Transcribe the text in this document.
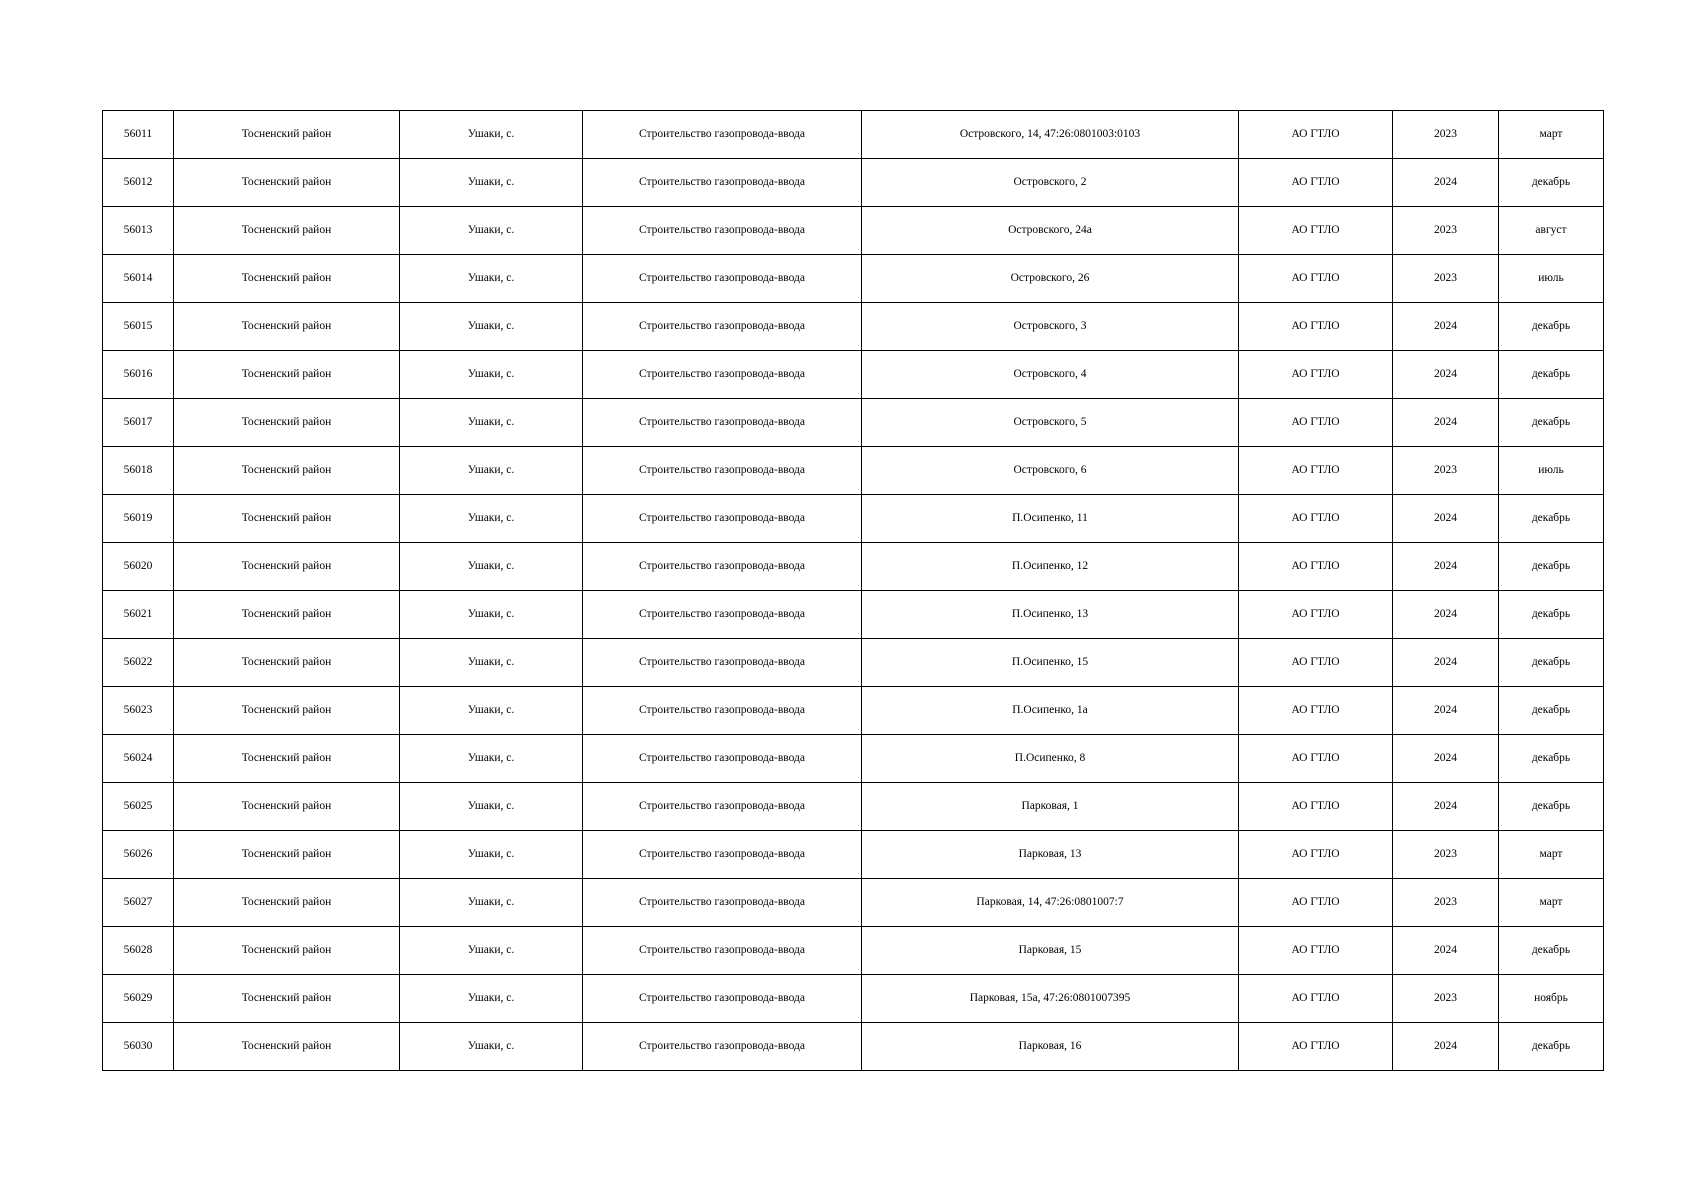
56011	Тосненский район	Ушаки, с.	Строительство газопровода-ввода	Островского, 14, 47:26:0801003:0103	АО ГТЛО	2023	март
56012	Тосненский район	Ушаки, с.	Строительство газопровода-ввода	Островского, 2	АО ГТЛО	2024	декабрь
56013	Тосненский район	Ушаки, с.	Строительство газопровода-ввода	Островского, 24а	АО ГТЛО	2023	август
56014	Тосненский район	Ушаки, с.	Строительство газопровода-ввода	Островского, 26	АО ГТЛО	2023	июль
56015	Тосненский район	Ушаки, с.	Строительство газопровода-ввода	Островского, 3	АО ГТЛО	2024	декабрь
56016	Тосненский район	Ушаки, с.	Строительство газопровода-ввода	Островского, 4	АО ГТЛО	2024	декабрь
56017	Тосненский район	Ушаки, с.	Строительство газопровода-ввода	Островского, 5	АО ГТЛО	2024	декабрь
56018	Тосненский район	Ушаки, с.	Строительство газопровода-ввода	Островского, 6	АО ГТЛО	2023	июль
56019	Тосненский район	Ушаки, с.	Строительство газопровода-ввода	П.Осипенко, 11	АО ГТЛО	2024	декабрь
56020	Тосненский район	Ушаки, с.	Строительство газопровода-ввода	П.Осипенко, 12	АО ГТЛО	2024	декабрь
56021	Тосненский район	Ушаки, с.	Строительство газопровода-ввода	П.Осипенко, 13	АО ГТЛО	2024	декабрь
56022	Тосненский район	Ушаки, с.	Строительство газопровода-ввода	П.Осипенко, 15	АО ГТЛО	2024	декабрь
56023	Тосненский район	Ушаки, с.	Строительство газопровода-ввода	П.Осипенко, 1а	АО ГТЛО	2024	декабрь
56024	Тосненский район	Ушаки, с.	Строительство газопровода-ввода	П.Осипенко, 8	АО ГТЛО	2024	декабрь
56025	Тосненский район	Ушаки, с.	Строительство газопровода-ввода	Парковая, 1	АО ГТЛО	2024	декабрь
56026	Тосненский район	Ушаки, с.	Строительство газопровода-ввода	Парковая, 13	АО ГТЛО	2023	март
56027	Тосненский район	Ушаки, с.	Строительство газопровода-ввода	Парковая, 14, 47:26:0801007:7	АО ГТЛО	2023	март
56028	Тосненский район	Ушаки, с.	Строительство газопровода-ввода	Парковая, 15	АО ГТЛО	2024	декабрь
56029	Тосненский район	Ушаки, с.	Строительство газопровода-ввода	Парковая, 15а, 47:26:0801007395	АО ГТЛО	2023	ноябрь
56030	Тосненский район	Ушаки, с.	Строительство газопровода-ввода	Парковая, 16	АО ГТЛО	2024	декабрь
